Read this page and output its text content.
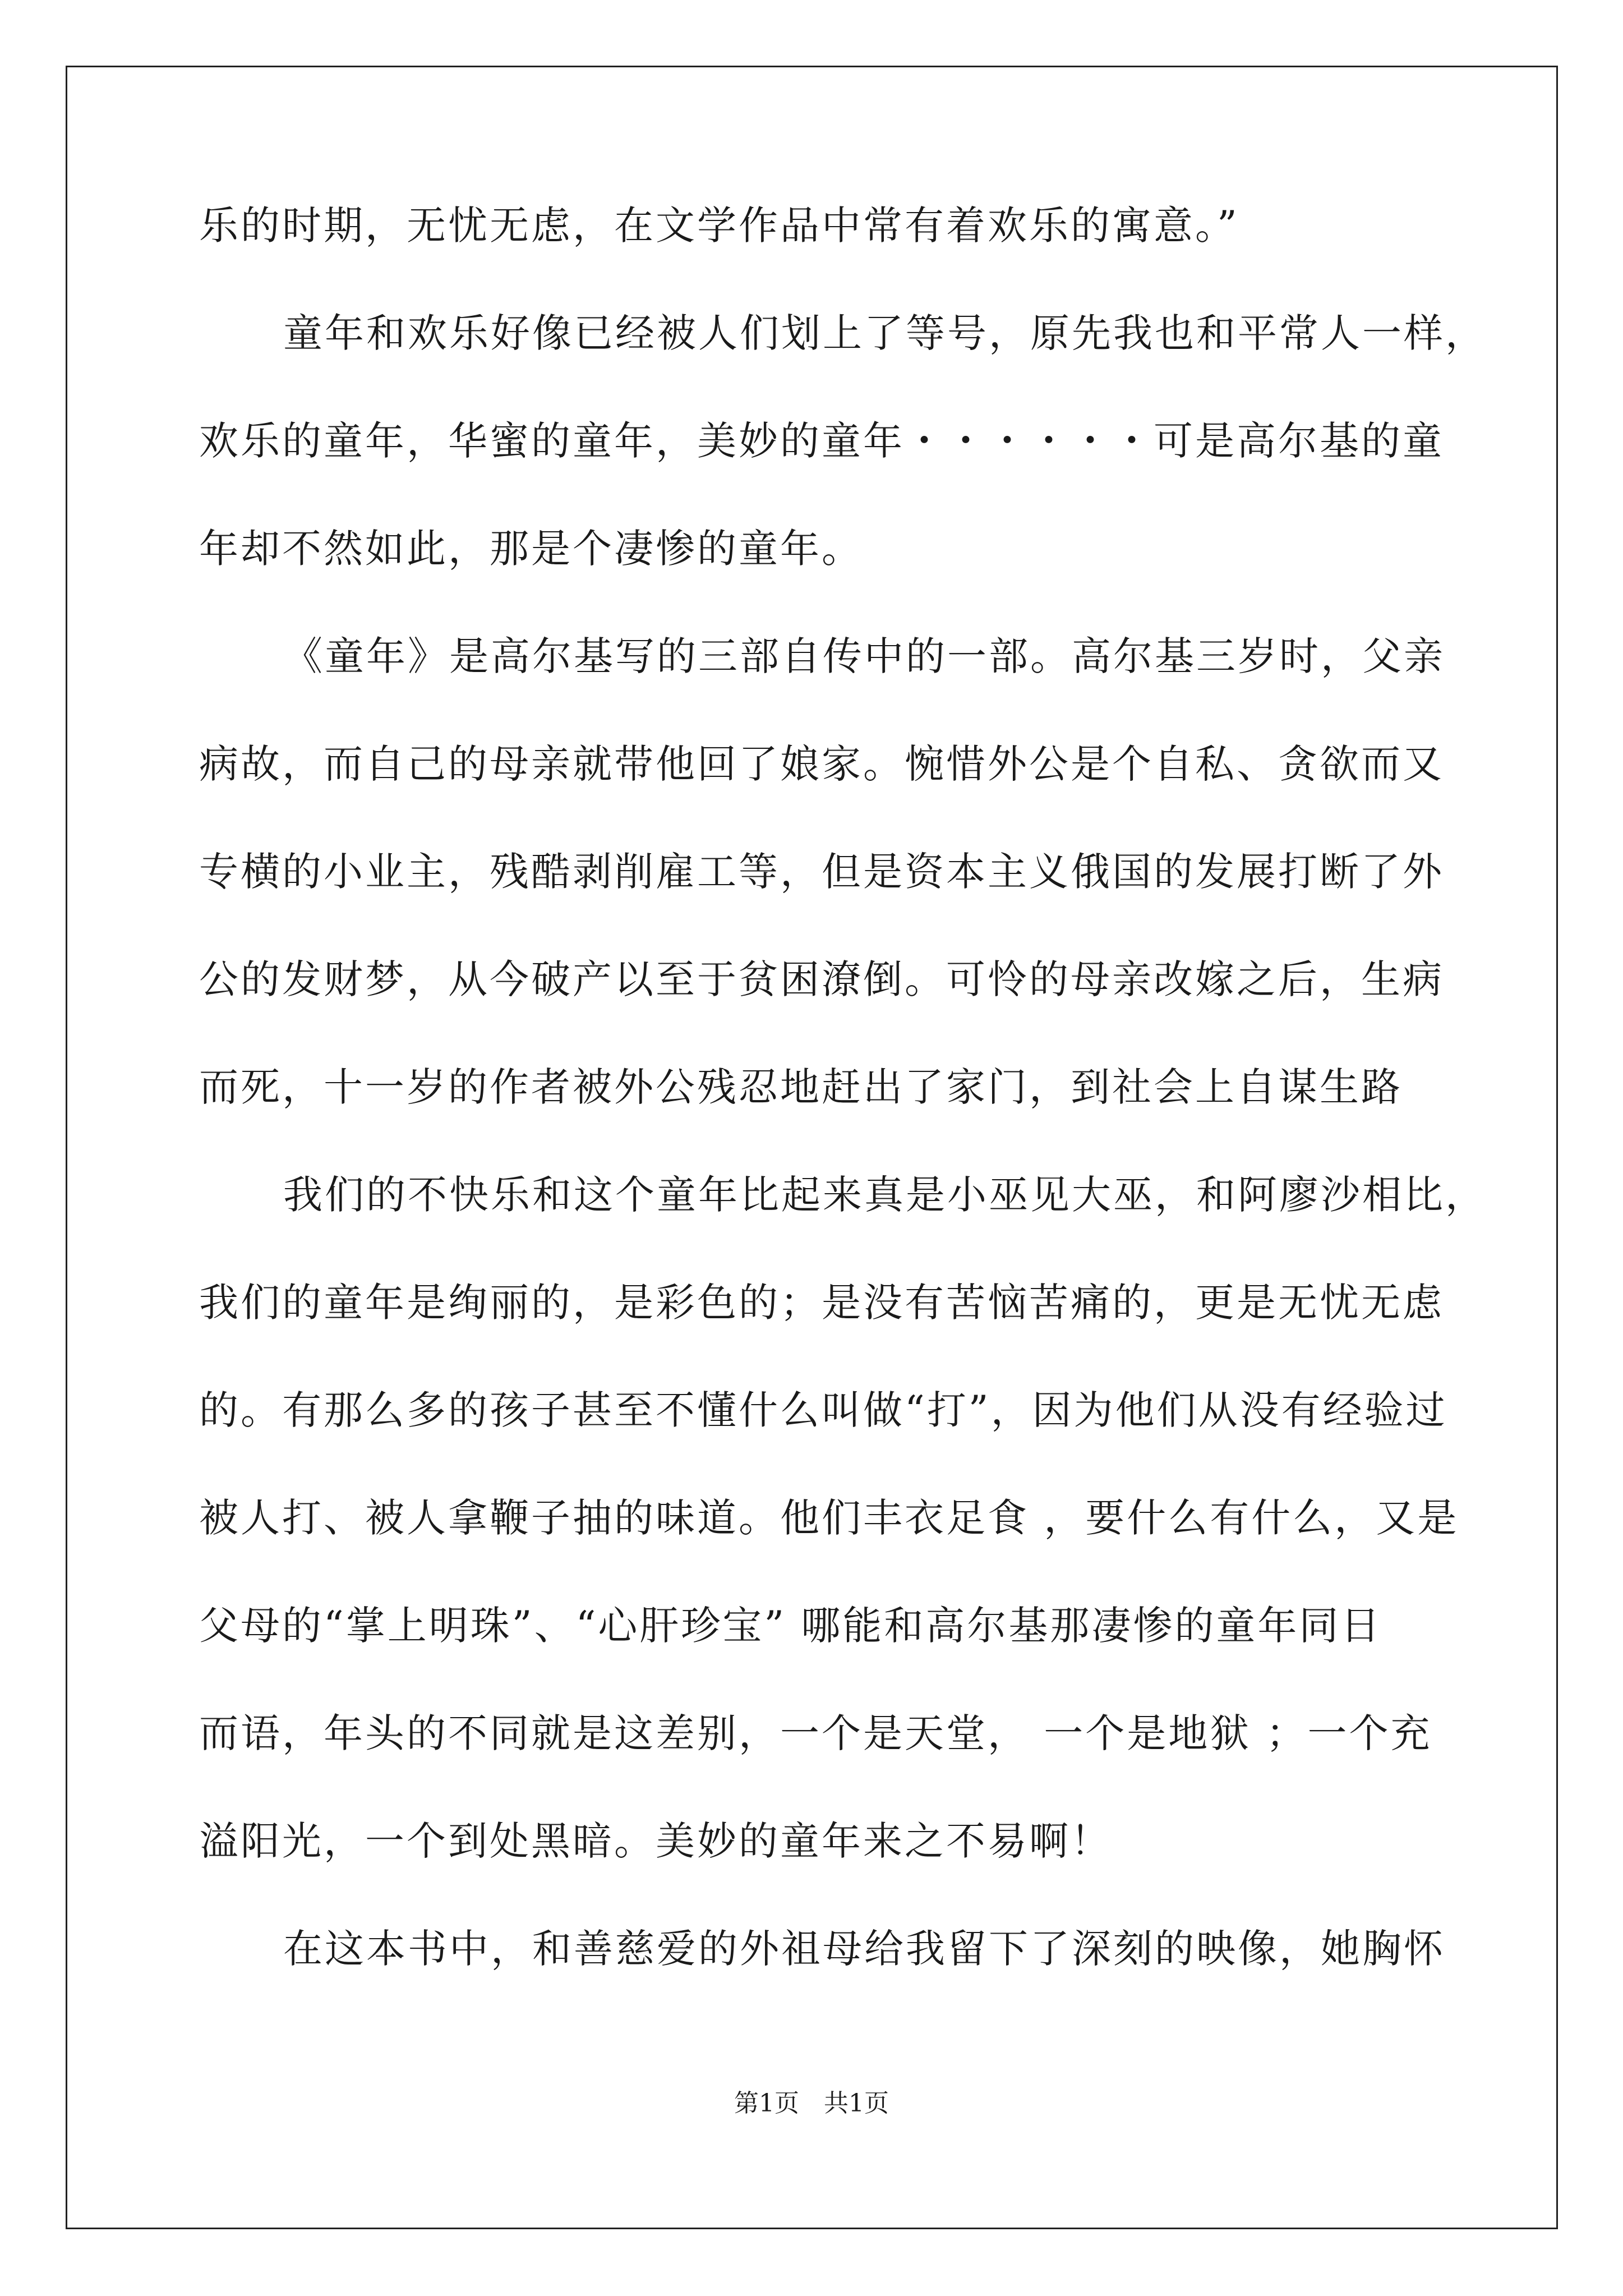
乐的时期，无忧无虑，在文学作品中常有着欢乐的寓意。”
童年和欢乐好像已经被人们划上了等号，原先我也和平常人一样，
欢乐的童年，华蜜的童年，美妙的童年・・・・・・可是高尔基的童
年却不然如此，那是个凄惨的童年。
《童年》是高尔基写的三部自传中的一部。高尔基三岁时，父亲
病故，而自己的母亲就带他回了娘家。惋惜外公是个自私、贪欲而又
专横的小业主，残酷剥削雇工等，但是资本主义俄国的发展打断了外
公的发财梦，从今破产以至于贫困潦倒。可怜的母亲改嫁之后，生病
而死，十一岁的作者被外公残忍地赶出了家门，到社会上自谋生路
我们的不快乐和这个童年比起来真是小巫见大巫，和阿廖沙相比，
我们的童年是绚丽的，是彩色的；是没有苦恼苦痛的，更是无忧无虑
的。有那么多的孩子甚至不懂什么叫做“打”，因为他们从没有经验过
被人打、被人拿鞭子抽的味道。他们丰衣足食 ，要什么有什么，又是
父母的“掌上明珠”、“心肝珍宝” 哪能和高尔基那凄惨的童年同日
而语，年头的不同就是这差别，一个是天堂， 一个是地狱 ；一个充
溢阳光，一个到处黑暗。美妙的童年来之不易啊！
在这本书中，和善慈爱的外祖母给我留下了深刻的映像，她胸怀
第1页　共1页
